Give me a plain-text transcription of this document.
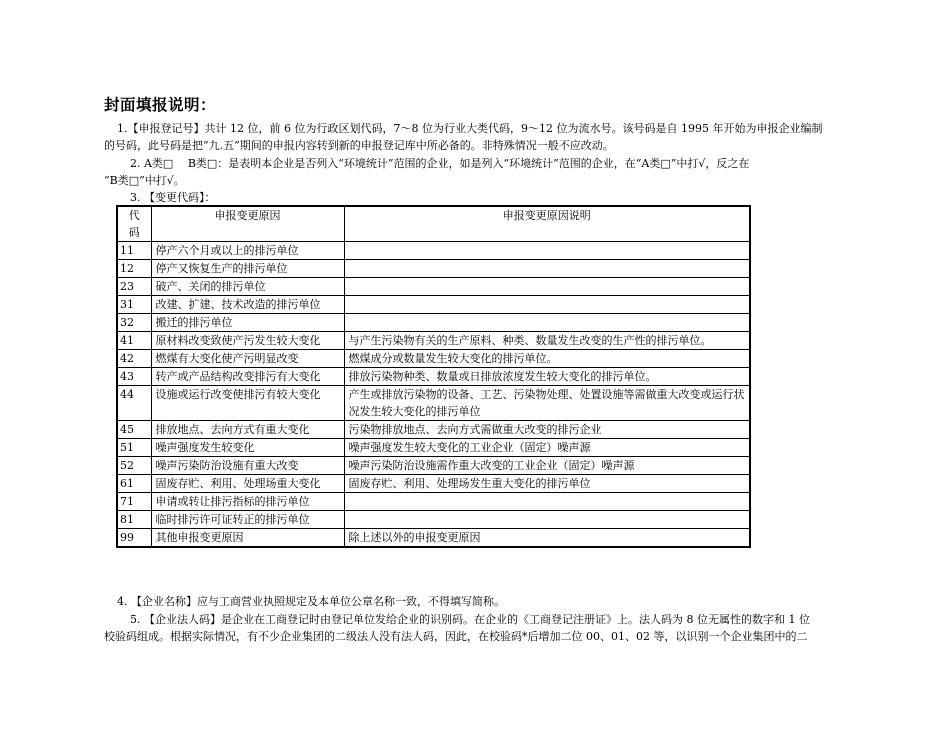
封面填报说明：
1.【申报登记号】共计 12 位，前 6 位为行政区划代码，7～8 位为行业大类代码，9～12 位为流水号。该号码是自 1995 年开始为申报企业编制
的号码，此号码是把“九.五”期间的申报内容转到新的申报登记库中所必备的。非特殊情况一般不应改动。
2. A类□　 B类□：是表明本企业是否列入“环境统计”范围的企业，如是列入“环境统计”范围的企业，在“A类□”中打√，反之在
“B类□”中打√。
3. 【变更代码】：
代码	申报变更原因	申报变更原因说明
11	停产六个月或以上的排污单位	
12	停产又恢复生产的排污单位	
23	破产、关闭的排污单位	
31	改建、扩建、技术改造的排污单位	
32	搬迁的排污单位	
41	原材料改变致使产污发生较大变化	与产生污染物有关的生产原料、种类、数量发生改变的生产性的排污单位。
42	燃煤有大变化使产污明显改变	燃煤成分或数量发生较大变化的排污单位。
43	转产或产品结构改变排污有大变化	排放污染物种类、数量或日排放浓度发生较大变化的排污单位。
44	设施或运行改变使排污有较大变化	产生或排放污染物的设备、工艺、污染物处理、处置设施等需做重大改变或运行状况发生较大变化的排污单位
45	排放地点、去向方式有重大变化	污染物排放地点、去向方式需做重大改变的排污企业
51	噪声强度发生较变化	噪声强度发生较大变化的工业企业（固定）噪声源
52	噪声污染防治设施有重大改变	噪声污染防治设施需作重大改变的工业企业（固定）噪声源
61	固废存贮、利用、处理场重大变化	固废存贮、利用、处理场发生重大变化的排污单位
71	申请或转让排污指标的排污单位	
81	临时排污许可证转正的排污单位	
99	其他申报变更原因	除上述以外的申报变更原因
4. 【企业名称】应与工商营业执照规定及本单位公章名称一致，不得填写简称。
5. 【企业法人码】是企业在工商登记时由登记单位发给企业的识别码。在企业的《工商登记注册证》上。法人码为 8 位无属性的数字和 1 位
校验码组成。根据实际情况，有不少企业集团的二级法人没有法人码，因此，在校验码*后增加二位 00、01、02 等，以识别一个企业集团中的二
